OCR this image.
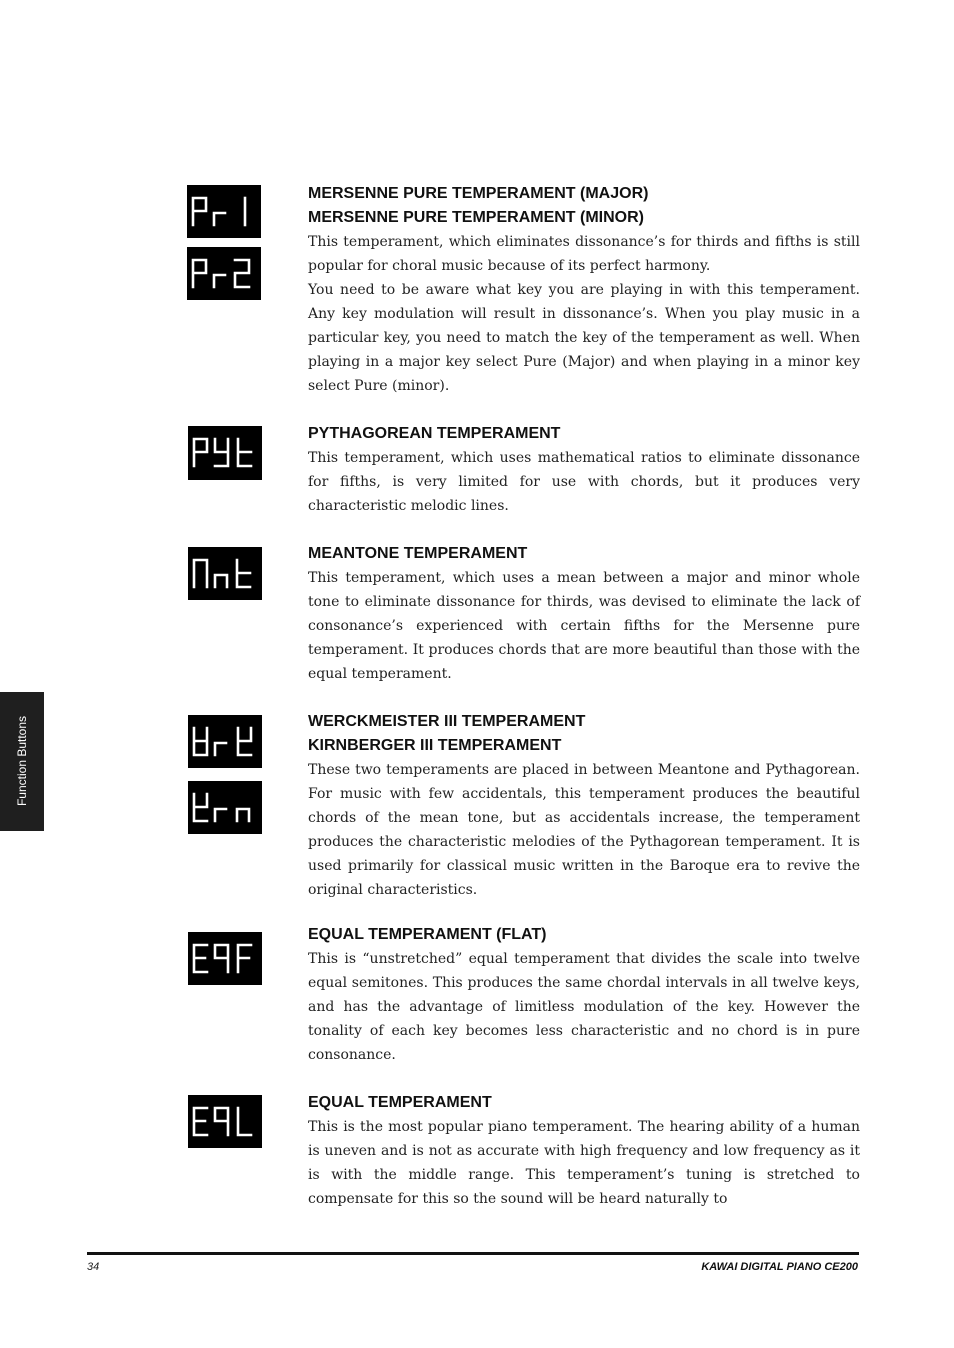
Function Buttons
MERSENNE PURE TEMPERAMENT (MAJOR)
MERSENNE PURE TEMPERAMENT (MINOR)
This temperament, which eliminates dissonance’s for thirds and fifths is still popular for choral music because of its perfect harmony.
You need to be aware what key you are playing in with this temperament. Any key modulation will result in dissonance’s. When you play music in a particular key, you need to match the key of the temperament as well. When playing in a major key select Pure (Major) and when playing in a minor key select Pure (minor).
PYTHAGOREAN TEMPERAMENT
This temperament, which uses mathematical ratios to eliminate dissonance for fifths, is very limited for use with chords, but it produces very characteristic melodic lines.
MEANTONE TEMPERAMENT
This temperament, which uses a mean between a major and minor whole tone to eliminate dissonance for thirds, was devised to eliminate the lack of consonance’s experienced with certain fifths for the Mersenne pure temperament. It produces chords that are more beautiful than those with the equal temperament.
WERCKMEISTER III TEMPERAMENT
KIRNBERGER III TEMPERAMENT
These two temperaments are placed in between Meantone and Pythagorean. For music with few accidentals, this temperament produces the beautiful chords of the mean tone, but as accidentals increase, the temperament produces the characteristic melodies of the Pythagorean temperament. It is used primarily for classical music written in the Baroque era to revive the original characteristics.
EQUAL TEMPERAMENT (FLAT)
This is “unstretched” equal temperament that divides the scale into twelve equal semitones. This produces the same chordal intervals in all twelve keys, and has the advantage of limitless modulation of the key. However the tonality of each key becomes less characteristic and no chord is in pure consonance.
EQUAL TEMPERAMENT
This is the most popular piano temperament. The hearing ability of a human is uneven and is not as accurate with high frequency and low frequency as it is with the middle range. This temperament’s tuning is stretched to compensate for this so the sound will be heard naturally to
34	KAWAI DIGITAL PIANO CE200
